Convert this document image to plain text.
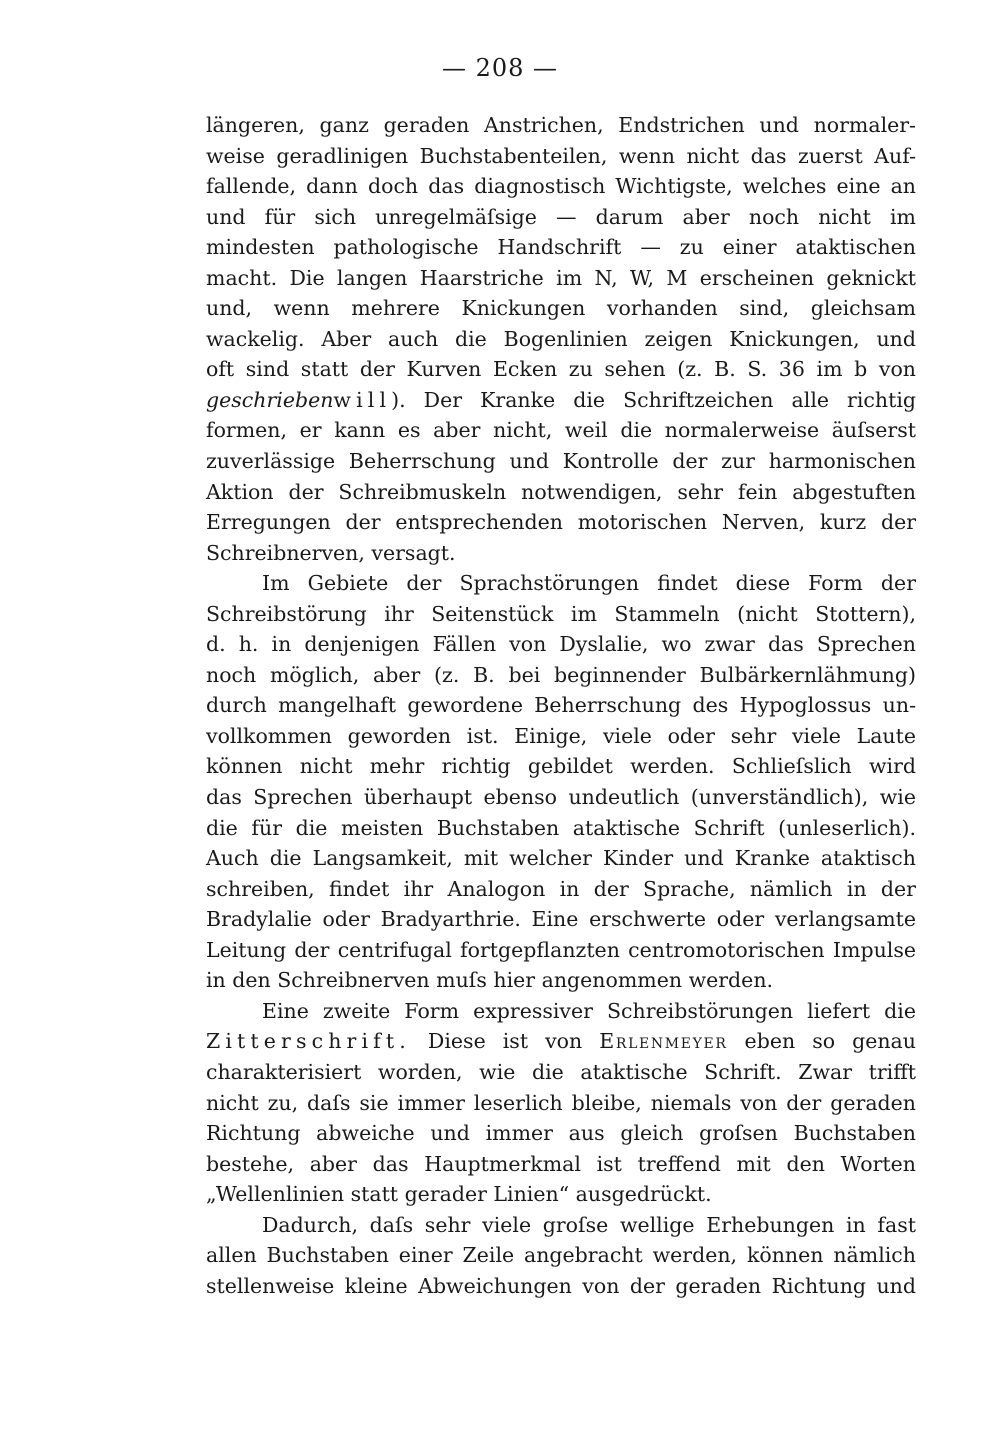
— 208 —
längeren, ganz geraden Anstrichen, Endstrichen und normaler-
weise geradlinigen Buchstabenteilen, wenn nicht das zuerst Auf-
fallende, dann doch das diagnostisch Wichtigste, welches eine an
und für sich unregelmäſsige — darum aber noch nicht im
mindesten pathologische Handschrift — zu einer ataktischen
macht. Die langen Haarstriche im N, W, M erscheinen geknickt
und, wenn mehrere Knickungen vorhanden sind, gleichsam
wackelig. Aber auch die Bogenlinien zeigen Knickungen, und
oft sind statt der Kurven Ecken zu sehen (z. B. S. 36 im b von
geschriebenwill). Der Kranke die Schriftzeichen alle richtig
formen, er kann es aber nicht, weil die normalerweise äuſserst
zuverlässige Beherrschung und Kontrolle der zur harmonischen
Aktion der Schreibmuskeln notwendigen, sehr fein abgestuften
Erregungen der entsprechenden motorischen Nerven, kurz der
Schreibnerven, versagt.
Im Gebiete der Sprachstörungen findet diese Form der
Schreibstörung ihr Seitenstück im Stammeln (nicht Stottern),
d. h. in denjenigen Fällen von Dyslalie, wo zwar das Sprechen
noch möglich, aber (z. B. bei beginnender Bulbärkernlähmung)
durch mangelhaft gewordene Beherrschung des Hypoglossus un-
vollkommen geworden ist. Einige, viele oder sehr viele Laute
können nicht mehr richtig gebildet werden. Schlieſslich wird
das Sprechen überhaupt ebenso undeutlich (unverständlich), wie
die für die meisten Buchstaben ataktische Schrift (unleserlich).
Auch die Langsamkeit, mit welcher Kinder und Kranke ataktisch
schreiben, findet ihr Analogon in der Sprache, nämlich in der
Bradylalie oder Bradyarthrie. Eine erschwerte oder verlangsamte
Leitung der centrifugal fortgepflanzten centromotorischen Impulse
in den Schreibnerven muſs hier angenommen werden.
Eine zweite Form expressiver Schreibstörungen liefert die
Zitterschrift. Diese ist von Erlenmeyer eben so genau
charakterisiert worden, wie die ataktische Schrift. Zwar trifft
nicht zu, daſs sie immer leserlich bleibe, niemals von der geraden
Richtung abweiche und immer aus gleich groſsen Buchstaben
bestehe, aber das Hauptmerkmal ist treffend mit den Worten
„Wellenlinien statt gerader Linien“ ausgedrückt.
Dadurch, daſs sehr viele groſse wellige Erhebungen in fast
allen Buchstaben einer Zeile angebracht werden, können nämlich
stellenweise kleine Abweichungen von der geraden Richtung und
